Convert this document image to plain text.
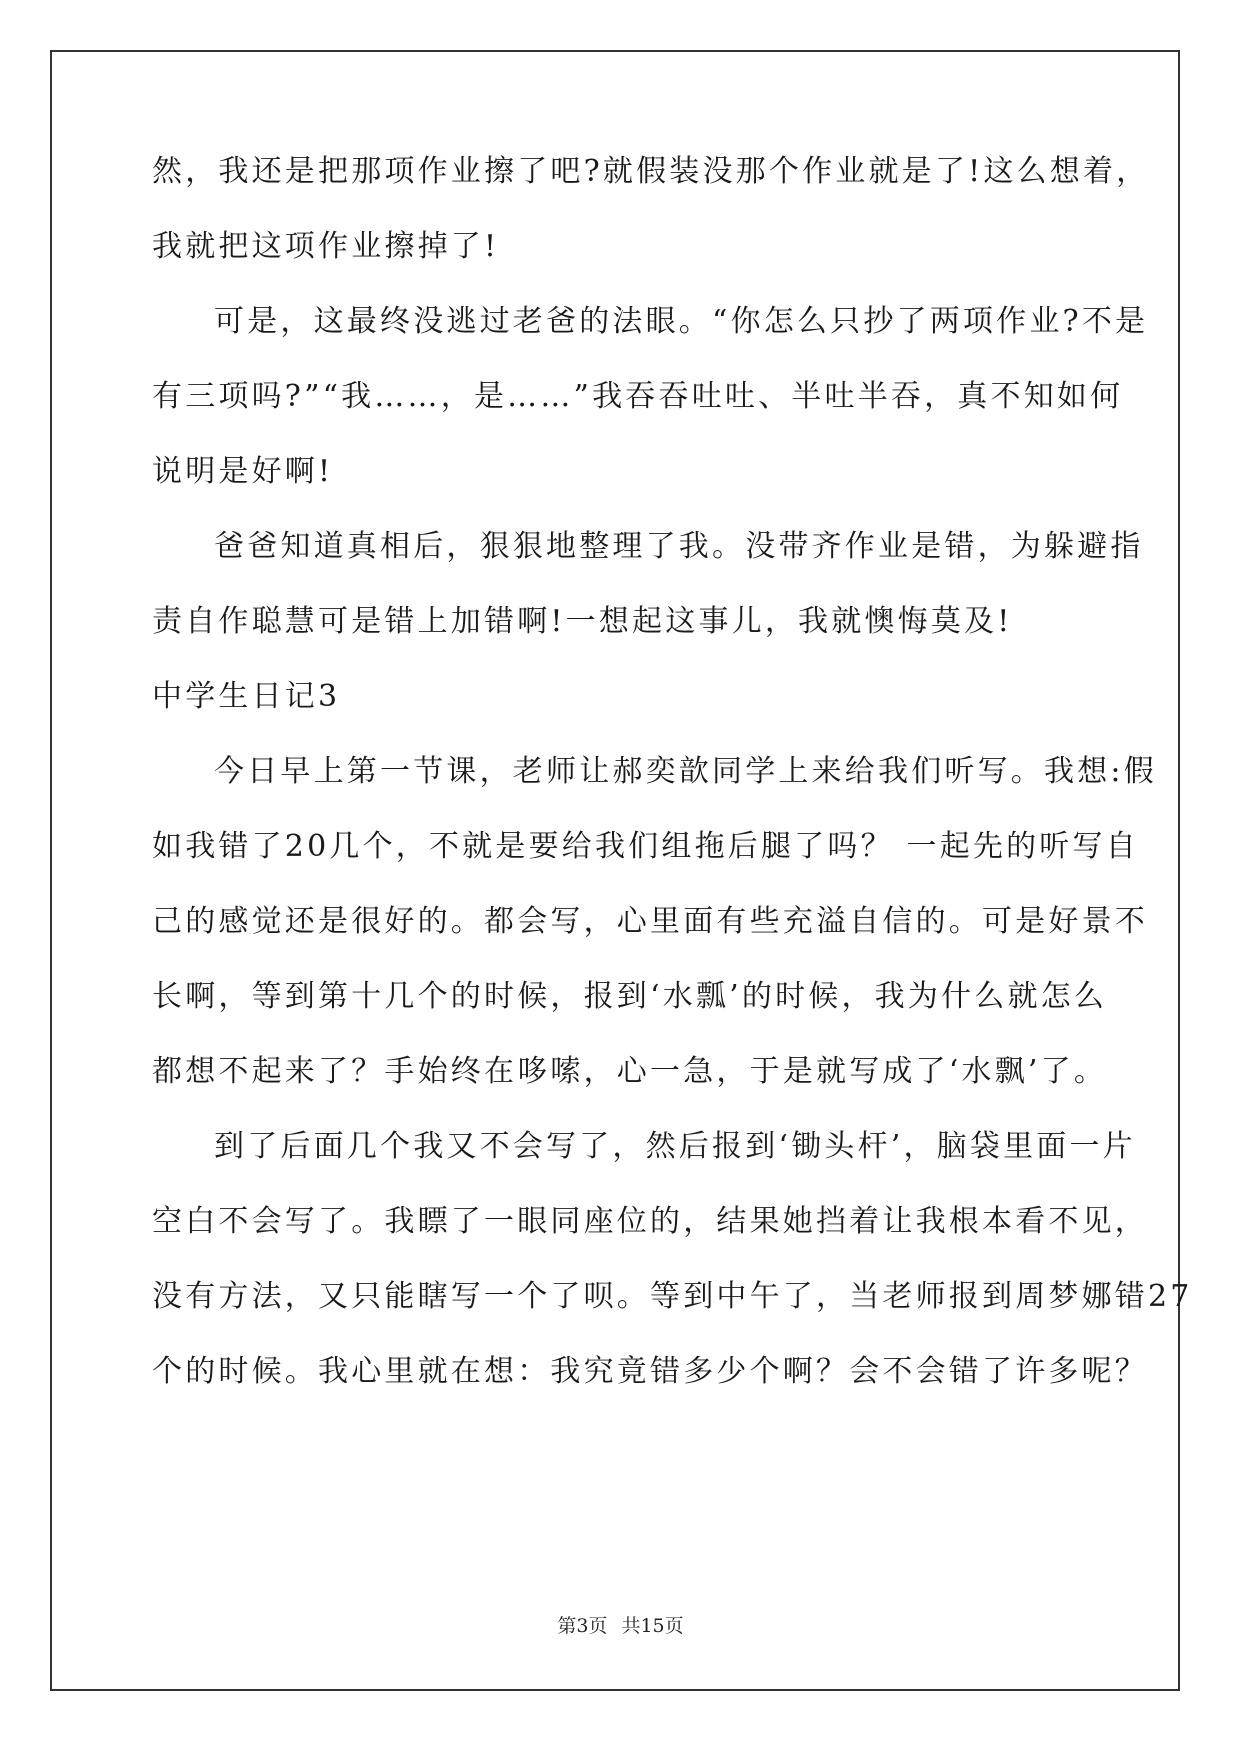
然，我还是把那项作业擦了吧?就假装没那个作业就是了!这么想着，
我就把这项作业擦掉了!
可是，这最终没逃过老爸的法眼。“你怎么只抄了两项作业?不是
有三项吗?”“我……，是……”我吞吞吐吐、半吐半吞，真不知如何
说明是好啊!
爸爸知道真相后，狠狠地整理了我。没带齐作业是错，为躲避指
责自作聪慧可是错上加错啊!一想起这事儿，我就懊悔莫及!
中学生日记3
今日早上第一节课，老师让郝奕歆同学上来给我们听写。我想:假
如我错了20几个，不就是要给我们组拖后腿了吗？ 一起先的听写自
己的感觉还是很好的。都会写，心里面有些充溢自信的。可是好景不
长啊，等到第十几个的时候，报到‘水瓢’的时候，我为什么就怎么
都想不起来了？手始终在哆嗦，心一急，于是就写成了‘水飘’了。
到了后面几个我又不会写了，然后报到‘锄头杆’，脑袋里面一片
空白不会写了。我瞟了一眼同座位的，结果她挡着让我根本看不见，
没有方法，又只能瞎写一个了呗。等到中午了，当老师报到周梦娜错27
个的时候。我心里就在想：我究竟错多少个啊？会不会错了许多呢？
第3页 共15页
